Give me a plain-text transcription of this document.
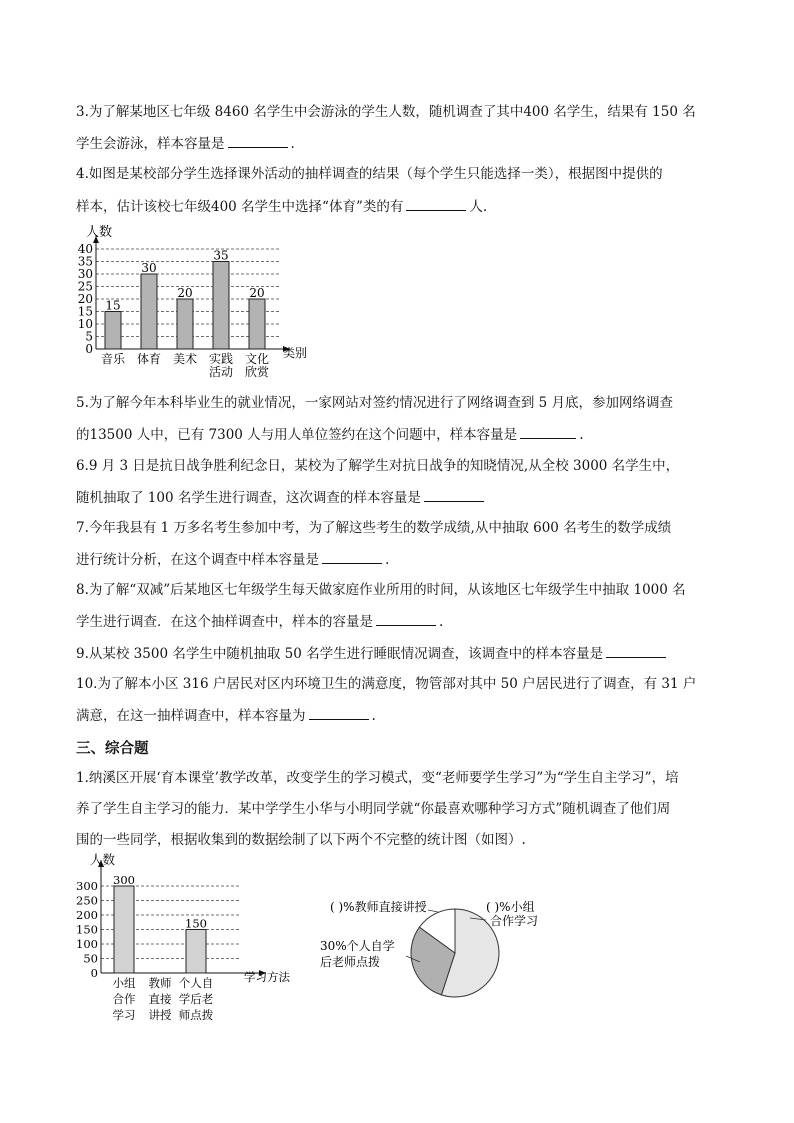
3.为了解某地区七年级 8460 名学生中会游泳的学生人数，随机调查了其中400 名学生，结果有 150 名
学生会游泳，样本容量是	.
4.如图是某校部分学生选择课外活动的抽样调查的结果（每个学生只能选择一类），根据图中提供的
样本，估计该校七年级400 名学生中选择“体育”类的有	人.
0
5
10
15
20
25
30
35
40
人数
类别
15
音乐
30
体育
20
美术
35
实践
活动
20
文化
欣赏
5.为了解今年本科毕业生的就业情况，一家网站对签约情况进行了网络调查到 5 月底，参加网络调查
的13500 人中，已有 7300 人与用人单位签约在这个问题中，样本容量是	.
6.9 月 3 日是抗日战争胜利纪念日，某校为了解学生对抗日战争的知晓情况,从全校 3000 名学生中，
随机抽取了 100 名学生进行调查，这次调查的样本容量是
7.今年我县有 1 万多名考生参加中考，为了解这些考生的数学成绩,从中抽取 600 名考生的数学成绩
进行统计分析，在这个调查中样本容量是	.
8.为了解“双减”后某地区七年级学生每天做家庭作业所用的时间，从该地区七年级学生中抽取 1000 名
学生进行调查．在这个抽样调查中，样本的容量是	.
9.从某校 3500 名学生中随机抽取 50 名学生进行睡眠情况调查，该调查中的样本容量是
10.为了解本小区 316 户居民对区内环境卫生的满意度，物管部对其中 50 户居民进行了调查，有 31 户
满意，在这一抽样调查中，样本容量为	.
三、综合题
1.纳溪区开展‘育本课堂’教学改革，改变学生的学习模式，变“老师要学生学习”为“学生自主学习”，培
养了学生自主学习的能力．某中学学生小华与小明同学就“你最喜欢哪种学习方式”随机调查了他们周
围的一些同学，根据收集到的数据绘制了以下两个不完整的统计图（如图）.
0
50
100
150
200
250
300
人数
学习方法
300
小组
合作
学习
教师
直接
讲授
150
个人自
学后老
师点拨
( )%教师直接讲授	( )%小组
合作学习
30%个人自学
后老师点拨
